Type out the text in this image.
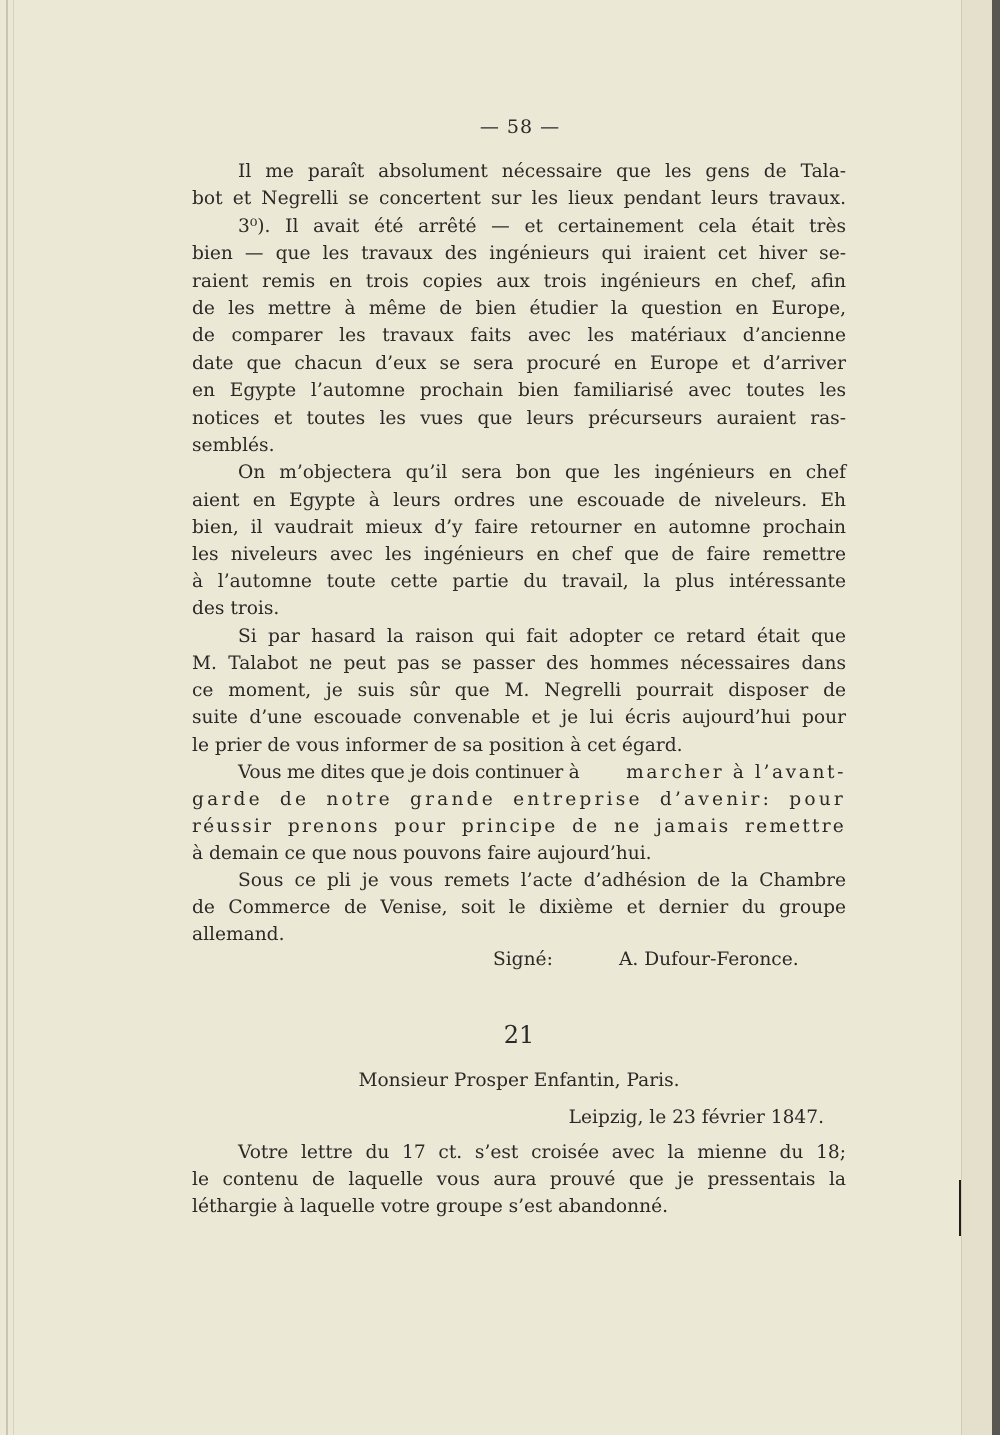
— 58 —
Il me paraît absolument nécessaire que les gens de Tala-
bot et Negrelli se concertent sur les lieux pendant leurs travaux.
3⁰). Il avait été arrêté — et certainement cela était très
bien — que les travaux des ingénieurs qui iraient cet hiver se-
raient remis en trois copies aux trois ingénieurs en chef, afin
de les mettre à même de bien étudier la question en Europe,
de comparer les travaux faits avec les matériaux d’ancienne
date que chacun d’eux se sera procuré en Europe et d’arriver
en Egypte l’automne prochain bien familiarisé avec toutes les
notices et toutes les vues que leurs précurseurs auraient ras-
semblés.
On m’objectera qu’il sera bon que les ingénieurs en chef
aient en Egypte à leurs ordres une escouade de niveleurs. Eh
bien, il vaudrait mieux d’y faire retourner en automne prochain
les niveleurs avec les ingénieurs en chef que de faire remettre
à l’automne toute cette partie du travail, la plus intéressante
des trois.
Si par hasard la raison qui fait adopter ce retard était que
M. Talabot ne peut pas se passer des hommes nécessaires dans
ce moment, je suis sûr que M. Negrelli pourrait disposer de
suite d’une escouade convenable et je lui écris aujourd’hui pour
le prier de vous informer de sa position à cet égard.
Vous me dites que je dois continuer à	marcher à l’avant-
garde de notre grande entreprise d’avenir: pour
réussir prenons pour principe de ne jamais remettre
à demain ce que nous pouvons faire aujourd’hui.
Sous ce pli je vous remets l’acte d’adhésion de la Chambre
de Commerce de Venise, soit le dixième et dernier du groupe
allemand.
Signé:	A. Dufour-Feronce.
21
Monsieur Prosper Enfantin, Paris.
Leipzig, le 23 février 1847.
Votre lettre du 17 ct. s’est croisée avec la mienne du 18;
le contenu de laquelle vous aura prouvé que je pressentais la
léthargie à laquelle votre groupe s’est abandonné.
